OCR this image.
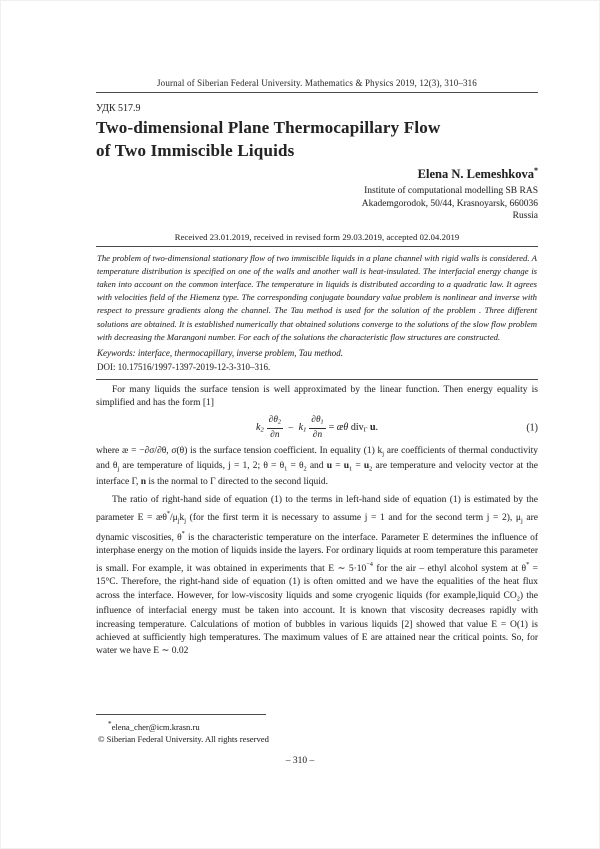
Journal of Siberian Federal University. Mathematics & Physics 2019, 12(3), 310–316
УДК 517.9
Two-dimensional Plane Thermocapillary Flow
of Two Immiscible Liquids
Elena N. Lemeshkova*
Institute of computational modelling SB RAS
Akademgorodok, 50/44, Krasnoyarsk, 660036
Russia
Received 23.01.2019, received in revised form 29.03.2019, accepted 02.04.2019

The problem of two-dimensional stationary flow of two immiscible liquids in a plane channel with rigid walls is considered. A temperature distribution is specified on one of the walls and another wall is heat-insulated. The interfacial energy change is taken into account on the common interface. The temperature in liquids is distributed according to a quadratic law. It agrees with velocities field of the Hiemenz type. The corresponding conjugate boundary value problem is nonlinear and inverse with respect to pressure gradients along the channel. The Tau method is used for the solution of the problem . Three different solutions are obtained. It is established numerically that obtained solutions converge to the solutions of the slow flow problem with decreasing the Marangoni number. For each of the solutions the characteristic flow structures are constructed.

Keywords: interface, thermocapillary, inverse problem, Tau method.

DOI: 10.17516/1997-1397-2019-12-3-310–316.

For many liquids the surface tension is well approximated by the linear function. Then energy equality is simplified and has the form [1]

$k2 \frac{\partial\theta 2}{\partial n} - k1 \frac{\partial\theta 1}{\partial n}$ = æθ divΓ u.	(1)

where æ = −∂σ/∂θ, σ(θ) is the surface tension coefficient. In equality (1) $k_j$ are coefficients of thermal conductivity and $\theta_j$ are temperature of liquids, j = 1, 2; $\theta = \theta_1 = \theta_2$ and $u = u_1 = u_2$ are temperature and velocity vector at the interface Γ, n is the normal to Γ directed to the second liquid.

The ratio of right-hand side of equation (1) to the terms in left-hand side of equation (1) is estimated by the parameter $E = æ\theta^*/\mu_jk_j$ (for the first term it is necessary to assume j = 1 and for the second term j = 2), $\mu_j$ are dynamic viscosities, θ* is the characteristic temperature on the interface. Parameter E determines the influence of interphase energy on the motion of liquids inside the layers. For ordinary liquids at room temperature this parameter is small. For example, it was obtained in experiments that E ∼ $5\cdot 10^{-4}$ for the air – ethyl alcohol system at θ* = 15°C. Therefore, the right-hand side of equation (1) is often omitted and we have the equalities of the heat flux across the interface. However, for low-viscosity liquids and some cryogenic liquids (for example,liquid $CO_2$) the influence of interfacial energy must be taken into account. It is known that viscosity decreases rapidly with increasing temperature. Calculations of motion of bubbles in various liquids [2] showed that value E = O(1) is achieved at sufficiently high temperatures. The maximum values of E are attained near the critical points. So, for water we have E ∼ 0.02

*elena_cher@icm.krasn.ru
© Siberian Federal University. All rights reserved
– 310 –
